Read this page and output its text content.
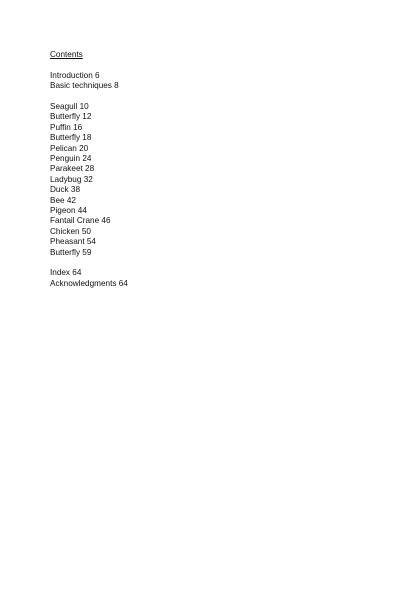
Contents
Introduction 6
Basic techniques 8
Seagull 10
Butterfly 12
Puffin 16
Butterfly 18
Pelican 20
Penguin 24
Parakeet 28
Ladybug 32
Duck 38
Bee 42
Pigeon 44
Fantail Crane 46
Chicken 50
Pheasant 54
Butterfly 59
Index 64
Acknowledgments 64
